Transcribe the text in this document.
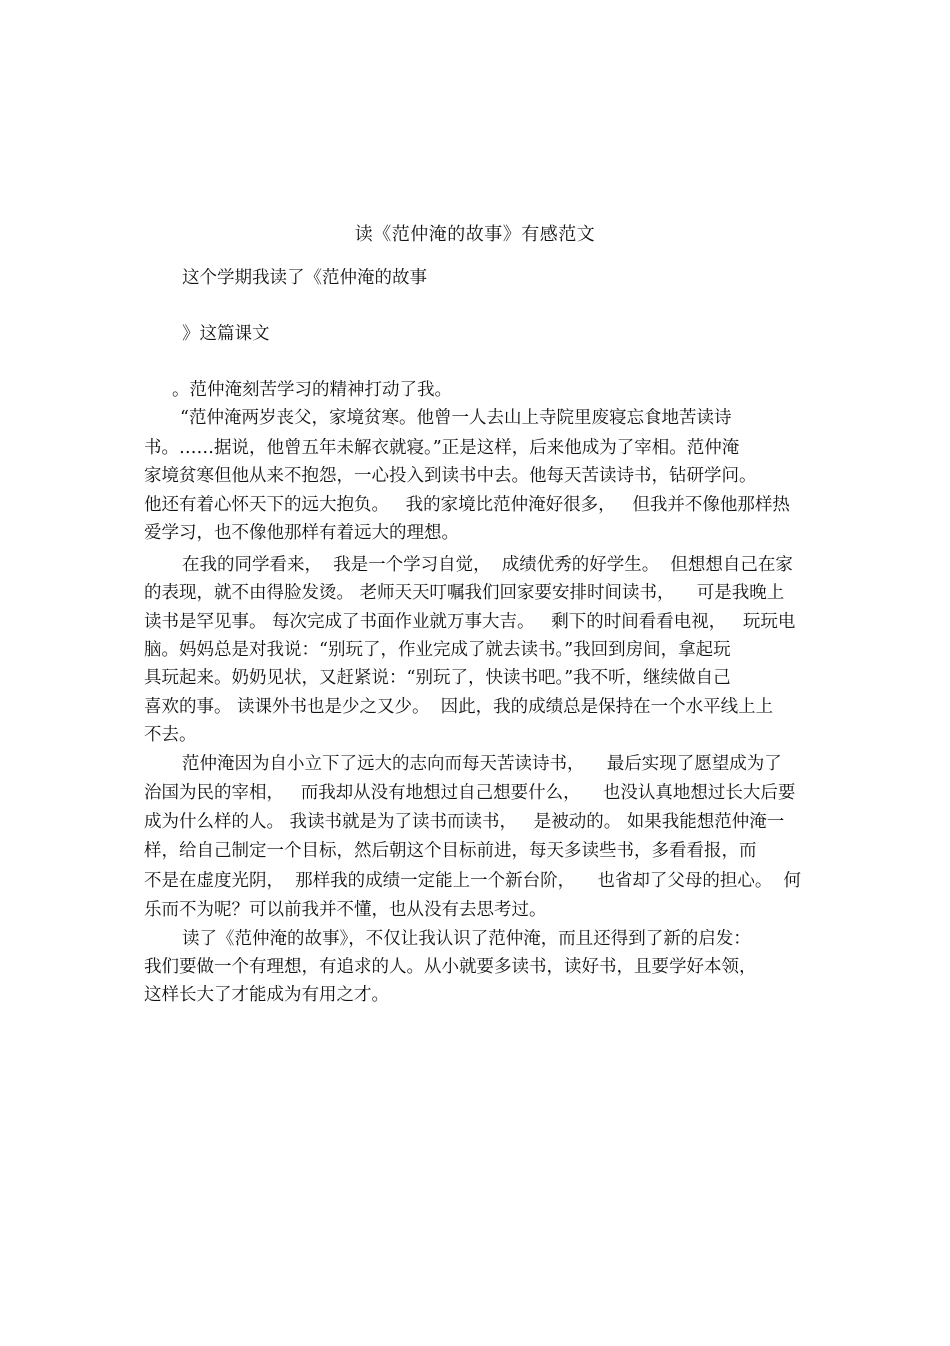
读《范仲淹的故事》有感范文
这个学期我读了《范仲淹的故事
》这篇课文
。范仲淹刻苦学习的精神打动了我。
“范仲淹两岁丧父，家境贫寒。他曾一人去山上寺院里废寝忘食地苦读诗
书。……据说，他曾五年未解衣就寝。”正是这样，后来他成为了宰相。范仲淹
家境贫寒但他从来不抱怨，一心投入到读书中去。他每天苦读诗书，钻研学问。
他还有着心怀天下的远大抱负。   我的家境比范仲淹好很多，   但我并不像他那样热
爱学习，也不像他那样有着远大的理想。
在我的同学看来，  我是一个学习自觉，  成绩优秀的好学生。  但想想自己在家
的表现，就不由得脸发烫。 老师天天叮嘱我们回家要安排时间读书，    可是我晚上
读书是罕见事。 每次完成了书面作业就万事大吉。   剩下的时间看看电视，   玩玩电
脑。妈妈总是对我说：“别玩了，作业完成了就去读书。”我回到房间，拿起玩
具玩起来。奶奶见状，又赶紧说：“别玩了，快读书吧。”我不听，继续做自己
喜欢的事。 读课外书也是少之又少。  因此，我的成绩总是保持在一个水平线上上
不去。
范仲淹因为自小立下了远大的志向而每天苦读诗书，    最后实现了愿望成为了
治国为民的宰相，   而我却从没有地想过自己想要什么，    也没认真地想过长大后要
成为什么样的人。 我读书就是为了读书而读书，   是被动的。 如果我能想范仲淹一
样，给自己制定一个目标，然后朝这个目标前进，每天多读些书，多看看报，而
不是在虚度光阴，  那样我的成绩一定能上一个新台阶，    也省却了父母的担心。  何
乐而不为呢？可以前我并不懂，也从没有去思考过。
读了《范仲淹的故事》，不仅让我认识了范仲淹，而且还得到了新的启发：
我们要做一个有理想，有追求的人。从小就要多读书，读好书，且要学好本领，
这样长大了才能成为有用之才。
